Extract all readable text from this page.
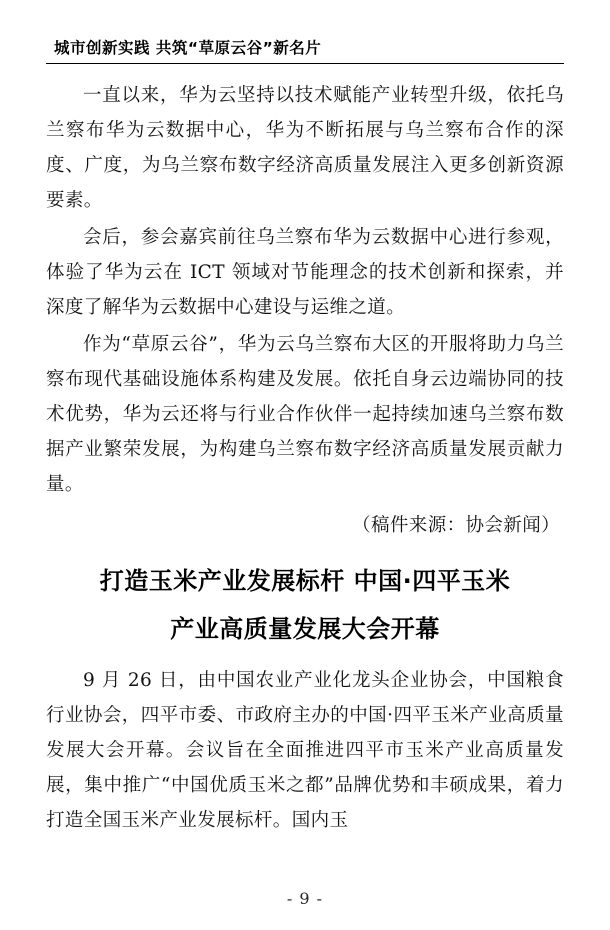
城市创新实践 共筑“草原云谷”新名片

一直以来，华为云坚持以技术赋能产业转型升级，依托乌兰察布华为云数据中心，华为不断拓展与乌兰察布合作的深度、广度，为乌兰察布数字经济高质量发展注入更多创新资源要素。

会后，参会嘉宾前往乌兰察布华为云数据中心进行参观，体验了华为云在 ICT 领域对节能理念的技术创新和探索，并深度了解华为云数据中心建设与运维之道。

作为“草原云谷”，华为云乌兰察布大区的开服将助力乌兰察布现代基础设施体系构建及发展。依托自身云边端协同的技术优势，华为云还将与行业合作伙伴一起持续加速乌兰察布数据产业繁荣发展，为构建乌兰察布数字经济高质量发展贡献力量。

（稿件来源：协会新闻）
打造玉米产业发展标杆 中国·四平玉米
产业高质量发展大会开幕

9 月 26 日，由中国农业产业化龙头企业协会，中国粮食行业协会，四平市委、市政府主办的中国·四平玉米产业高质量发展大会开幕。会议旨在全面推进四平市玉米产业高质量发展，集中推广“中国优质玉米之都”品牌优势和丰硕成果，着力打造全国玉米产业发展标杆。国内玉

- 9 -
